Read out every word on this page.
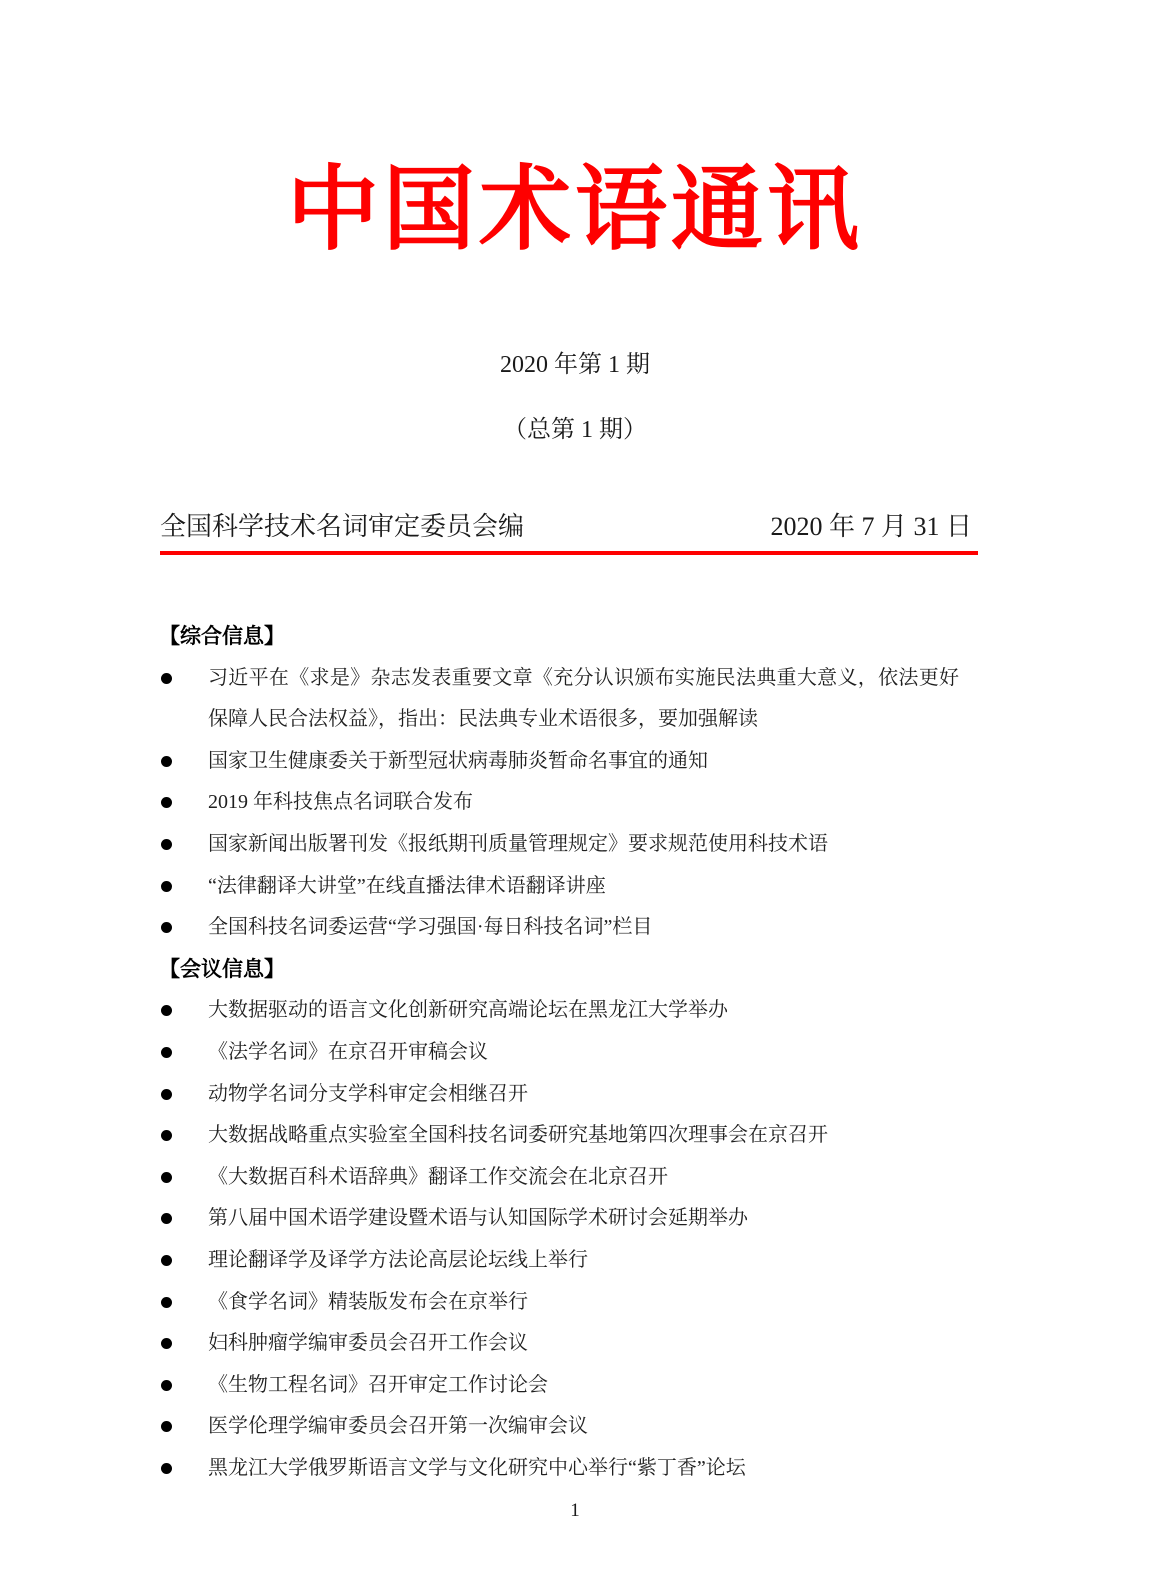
中国术语通讯
2020 年第 1 期
（总第 1 期）
全国科学技术名词审定委员会编	2020 年 7 月 31 日
【综合信息】
习近平在《求是》杂志发表重要文章《充分认识颁布实施民法典重大意义，依法更好保障人民合法权益》，指出：民法典专业术语很多，要加强解读
国家卫生健康委关于新型冠状病毒肺炎暂命名事宜的通知
2019 年科技焦点名词联合发布
国家新闻出版署刊发《报纸期刊质量管理规定》要求规范使用科技术语
“法律翻译大讲堂”在线直播法律术语翻译讲座
全国科技名词委运营“学习强国·每日科技名词”栏目
【会议信息】
大数据驱动的语言文化创新研究高端论坛在黑龙江大学举办
《法学名词》在京召开审稿会议
动物学名词分支学科审定会相继召开
大数据战略重点实验室全国科技名词委研究基地第四次理事会在京召开
《大数据百科术语辞典》翻译工作交流会在北京召开
第八届中国术语学建设暨术语与认知国际学术研讨会延期举办
理论翻译学及译学方法论高层论坛线上举行
《食学名词》精装版发布会在京举行
妇科肿瘤学编审委员会召开工作会议
《生物工程名词》召开审定工作讨论会
医学伦理学编审委员会召开第一次编审会议
黑龙江大学俄罗斯语言文学与文化研究中心举行“紫丁香”论坛
1
